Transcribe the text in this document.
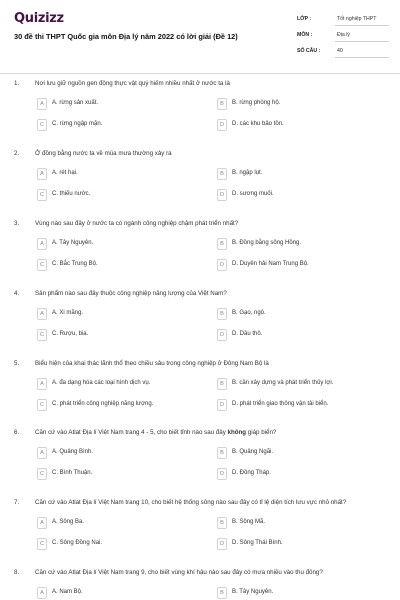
Quizizz
30 đề thi THPT Quốc gia môn Địa lý năm 2022 có lời giải (Đề 12)
LỚP :	Tốt nghiệp THPT
MÔN :	Địa lý
SỐ CÂU :	40
1.	Nơi lưu giữ nguồn gen động thực vật quý hiếm nhiều nhất ở nước ta là
A	A. rừng sản xuất.	B	B. rừng phòng hộ.
C	C. rừng ngập mặn.	D	D. các khu bảo tồn.
2.	Ở đồng bằng nước ta về mùa mưa thường xảy ra
A	A. rét hại.	B	B. ngập lụt.
C	C. thiếu nước.	D	D. sương muối.
3.	Vùng nào sau đây ở nước ta có ngành công nghiệp chậm phát triển nhất?
A	A. Tây Nguyên.	B	B. Đồng bằng sông Hồng.
C	C. Bắc Trung Bộ.	D	D. Duyên hải Nam Trung Bộ.
4.	Sản phẩm nào sau đây thuộc công nghiệp năng lượng của Việt Nam?
A	A. Xi măng.	B	B. Gạo, ngô.
C	C. Rượu, bia.	D	D. Dầu thô.
5.	Biểu hiện của khai thác lãnh thổ theo chiều sâu trong công nghiệp ở Đông Nam Bộ là
A	A. đa dạng hóa các loại hình dịch vụ.	B	B. cần xây dựng và phát triển thủy lợi.
C	C. phát triển công nghiệp năng lượng.	D	D. phát triển giao thông vận tải biển.
6.	Căn cứ vào Atlat Địa lí Việt Nam trang 4 - 5, cho biết tỉnh nào sau đây không giáp biển?
A	A. Quảng Bình.	B	B. Quảng Ngãi.
C	C. Bình Thuận.	D	D. Đồng Tháp.
7.	Căn cứ vào Atlat Địa lí Việt Nam trang 10, cho biết hệ thống sông nào sau đây có tỉ lệ diện tích lưu vực nhỏ nhất?
A	A. Sông Ba.	B	B. Sông Mã.
C	C. Sông Đồng Nai.	D	D. Sông Thái Bình.
8.	Căn cứ vào Atlat Địa lí Việt Nam trang 9, cho biết vùng khí hậu nào sau đây có mưa nhiều vào thu đông?
A	A. Nam Bộ.	B	B. Tây Nguyên.
